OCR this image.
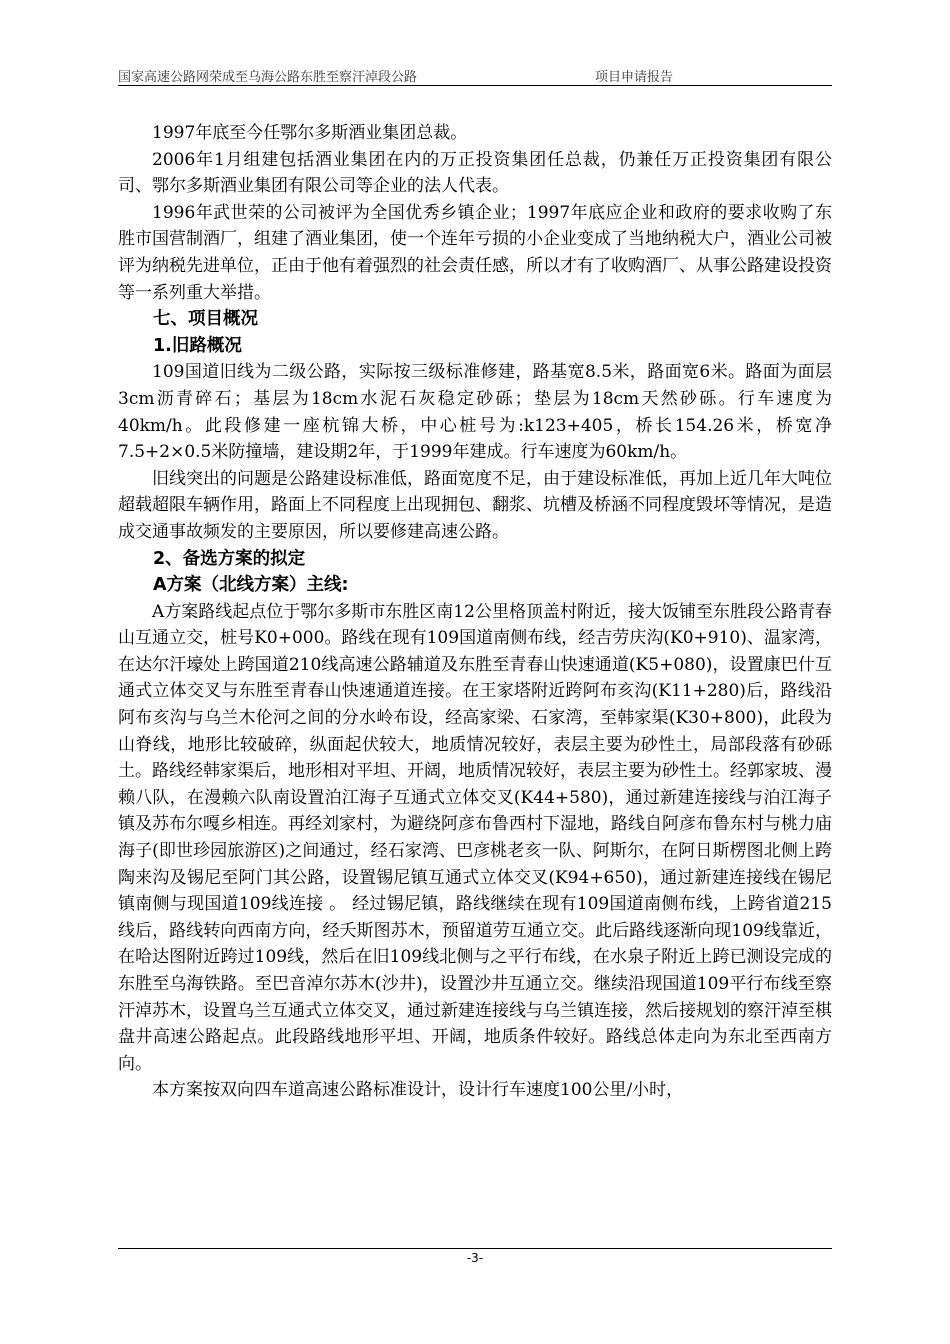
国家高速公路网荣成至乌海公路东胜至察汗淖段公路	项目申请报告

1997年底至今任鄂尔多斯酒业集团总裁。

2006年1月组建包括酒业集团在内的万正投资集团任总裁，仍兼任万正投资集团有限公司、鄂尔多斯酒业集团有限公司等企业的法人代表。

1996年武世荣的公司被评为全国优秀乡镇企业；1997年底应企业和政府的要求收购了东胜市国营制酒厂，组建了酒业集团，使一个连年亏损的小企业变成了当地纳税大户，酒业公司被评为纳税先进单位，正由于他有着强烈的社会责任感，所以才有了收购酒厂、从事公路建设投资等一系列重大举措。

七、项目概况

1.旧路概况

109国道旧线为二级公路，实际按三级标准修建，路基宽8.5米，路面宽6米。路面为面层3cm沥青碎石；基层为18cm水泥石灰稳定砂砾；垫层为18cm天然砂砾。行车速度为40km/h。此段修建一座杭锦大桥，中心桩号为:k123+405，桥长154.26米，桥宽净7.5+2×0.5米防撞墙，建设期2年，于1999年建成。行车速度为60km/h。

旧线突出的问题是公路建设标准低，路面宽度不足，由于建设标准低，再加上近几年大吨位超载超限车辆作用，路面上不同程度上出现拥包、翻浆、坑槽及桥涵不同程度毁坏等情况，是造成交通事故频发的主要原因，所以要修建高速公路。

2、备选方案的拟定

A方案（北线方案）主线:

A方案路线起点位于鄂尔多斯市东胜区南12公里格顶盖村附近，接大饭铺至东胜段公路青春山互通立交，桩号K0+000。路线在现有109国道南侧布线，经吉劳庆沟(K0+910)、温家湾，在达尔汗壕处上跨国道210线高速公路辅道及东胜至青春山快速通道(K5+080)，设置康巴什互通式立体交叉与东胜至青春山快速通道连接。在王家塔附近跨阿布亥沟(K11+280)后，路线沿阿布亥沟与乌兰木伦河之间的分水岭布设，经高家梁、石家湾，至韩家渠(K30+800)，此段为山脊线，地形比较破碎，纵面起伏较大，地质情况较好，表层主要为砂性土，局部段落有砂砾土。路线经韩家渠后，地形相对平坦、开阔，地质情况较好，表层主要为砂性土。经郭家坡、漫赖八队，在漫赖六队南设置泊江海子互通式立体交叉(K44+580)，通过新建连接线与泊江海子镇及苏布尔嘎乡相连。再经刘家村，为避绕阿彦布鲁西村下湿地，路线自阿彦布鲁东村与桃力庙海子(即世珍园旅游区)之间通过，经石家湾、巴彦桃老亥一队、阿斯尔，在阿日斯楞图北侧上跨陶来沟及锡尼至阿门其公路，设置锡尼镇互通式立体交叉(K94+650)，通过新建连接线在锡尼镇南侧与现国道109线连接 。 经过锡尼镇，路线继续在现有109国道南侧布线，上跨省道215线后，路线转向西南方向，经夭斯图苏木，预留道劳互通立交。此后路线逐渐向现109线靠近，在哈达图附近跨过109线，然后在旧109线北侧与之平行布线，在水泉子附近上跨已测设完成的东胜至乌海铁路。至巴音淖尔苏木(沙井)，设置沙井互通立交。继续沿现国道109平行布线至察汗淖苏木，设置乌兰互通式立体交叉，通过新建连接线与乌兰镇连接，然后接规划的察汗淖至棋盘井高速公路起点。此段路线地形平坦、开阔，地质条件较好。路线总体走向为东北至西南方向。

本方案按双向四车道高速公路标准设计，设计行车速度100公里/小时，

-3-
